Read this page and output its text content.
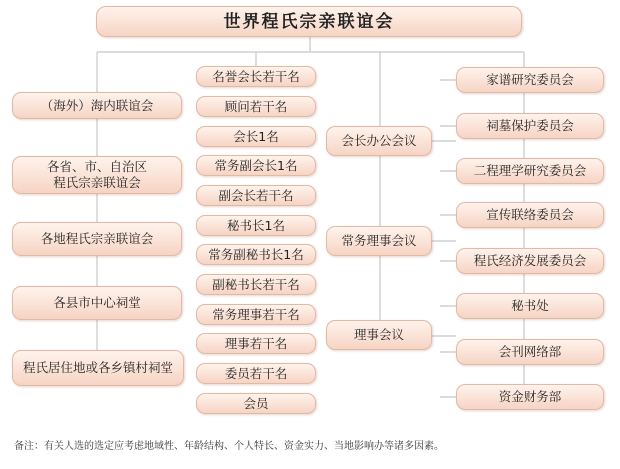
世界程氏宗亲联谊会
（海外）海内联谊会
各省、市、自治区
程氏宗亲联谊会
各地程氏宗亲联谊会
各县市中心祠堂
程氏居住地或各乡镇村祠堂
名誉会长若干名
顾问若干名
会长1名
常务副会长1名
副会长若干名
秘书长1名
常务副秘书长1名
副秘书长若干名
常务理事若干名
理事若干名
委员若干名
会员
会长办公会议
常务理事会议
理事会议
家谱研究委员会
祠墓保护委员会
二程理学研究委员会
宣传联络委员会
程氏经济发展委员会
秘书处
会刊网络部
资金财务部
备注：有关人选的选定应考虑地域性、年龄结构、个人特长、资金实力、当地影响办等诸多因素。
